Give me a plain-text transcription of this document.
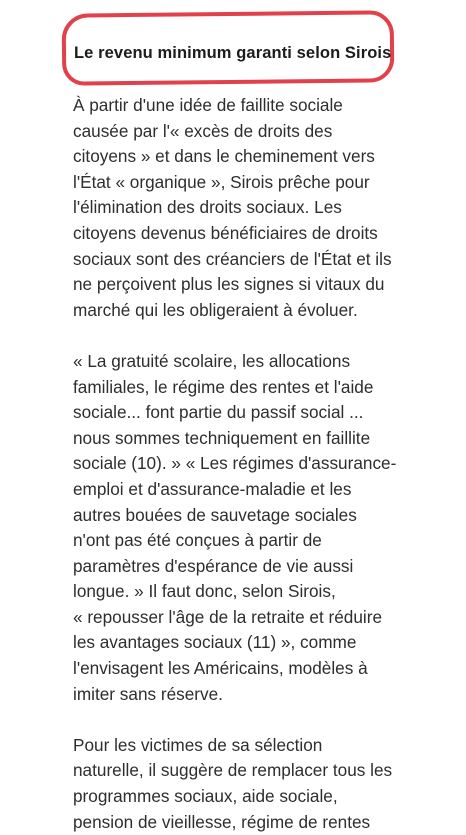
Le revenu minimum garanti selon Sirois

À partir d'une idée de faillite sociale
causée par l'« excès de droits des
citoyens » et dans le cheminement vers
l'État « organique », Sirois prêche pour
l'élimination des droits sociaux. Les
citoyens devenus bénéficiaires de droits
sociaux sont des créanciers de l'État et ils
ne perçoivent plus les signes si vitaux du
marché qui les obligeraient à évoluer.

« La gratuité scolaire, les allocations
familiales, le régime des rentes et l'aide
sociale... font partie du passif social ...
nous sommes techniquement en faillite
sociale (10). » « Les régimes d'assurance-
emploi et d'assurance-maladie et les
autres bouées de sauvetage sociales
n'ont pas été conçues à partir de
paramètres d'espérance de vie aussi
longue. » Il faut donc, selon Sirois,
« repousser l'âge de la retraite et réduire
les avantages sociaux (11) », comme
l'envisagent les Américains, modèles à
imiter sans réserve.

Pour les victimes de sa sélection
naturelle, il suggère de remplacer tous les
programmes sociaux, aide sociale,
pension de vieillesse, régime de rentes
